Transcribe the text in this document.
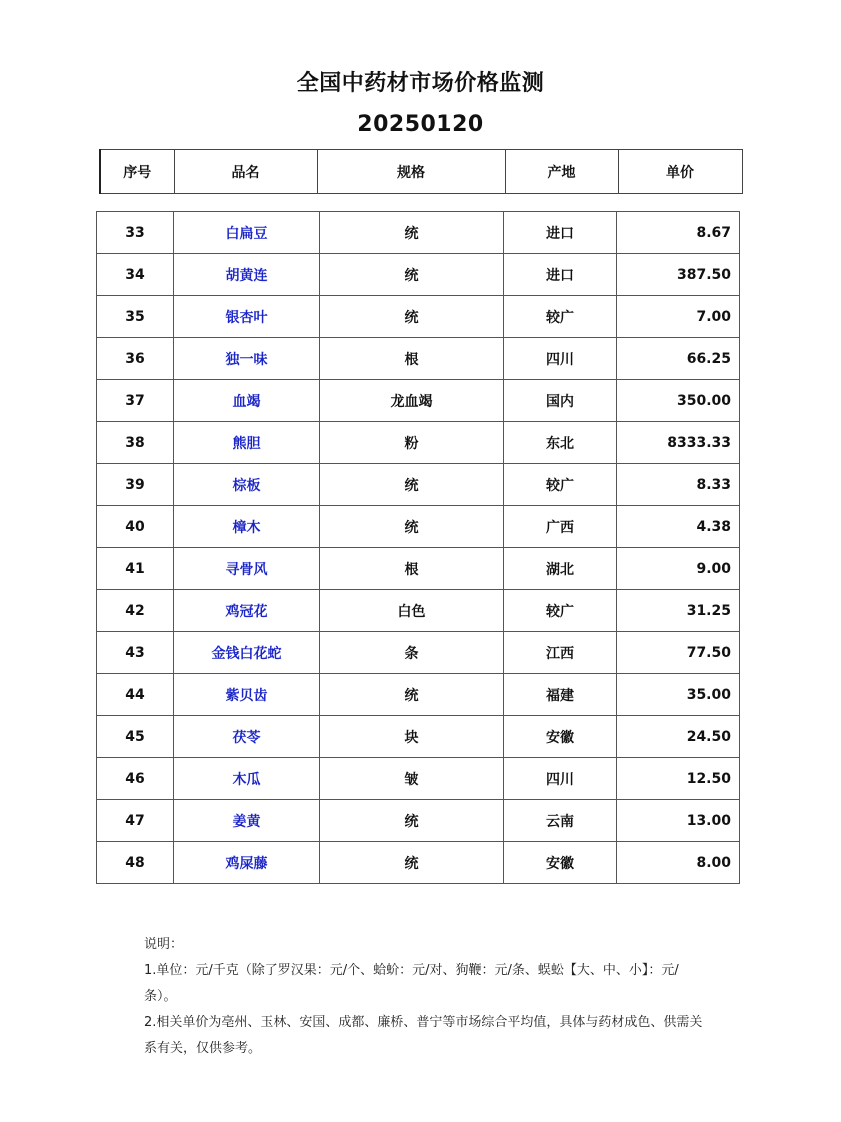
全国中药材市场价格监测
20250120
序号	品名	规格	产地	单价
33	白扁豆	统	进口	8.67
34	胡黄连	统	进口	387.50
35	银杏叶	统	较广	7.00
36	独一味	根	四川	66.25
37	血竭	龙血竭	国内	350.00
38	熊胆	粉	东北	8333.33
39	棕板	统	较广	8.33
40	樟木	统	广西	4.38
41	寻骨风	根	湖北	9.00
42	鸡冠花	白色	较广	31.25
43	金钱白花蛇	条	江西	77.50
44	紫贝齿	统	福建	35.00
45	茯苓	块	安徽	24.50
46	木瓜	皱	四川	12.50
47	姜黄	统	云南	13.00
48	鸡屎藤	统	安徽	8.00
说明：
1.单位：元/千克（除了罗汉果：元/个、蛤蚧：元/对、狗鞭：元/条、蜈蚣【大、中、小】：元/条）。
2.相关单价为亳州、玉林、安国、成都、廉桥、普宁等市场综合平均值，具体与药材成色、供需关系有关，仅供参考。
